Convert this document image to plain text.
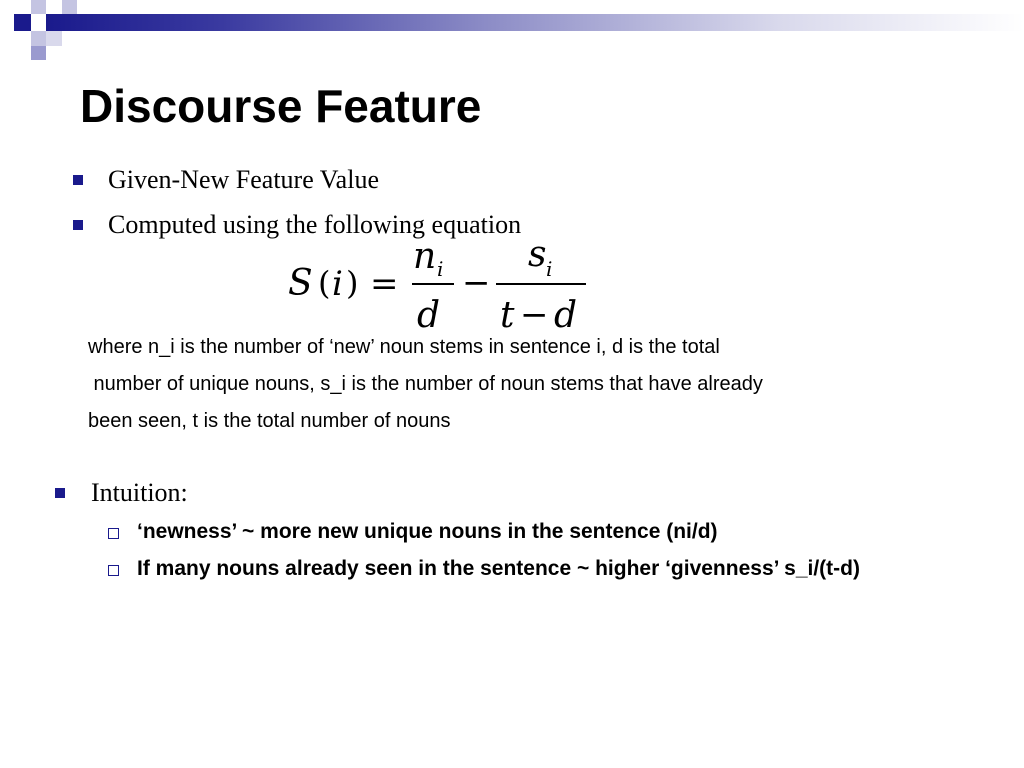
Discourse Feature
Given-New Feature Value
Computed using the following equation
S ( i ) =
n i
d
−
s i
t − d
where n_i is the number of ‘new’ noun stems in sentence i, d is the total
number of unique nouns, s_i is the number of noun stems that have already
been seen, t is the total number of nouns
Intuition:
‘newness’ ~ more new unique nouns in the sentence (ni/d)
If many nouns already seen in the sentence ~ higher ‘givenness’ s_i/(t-d)
